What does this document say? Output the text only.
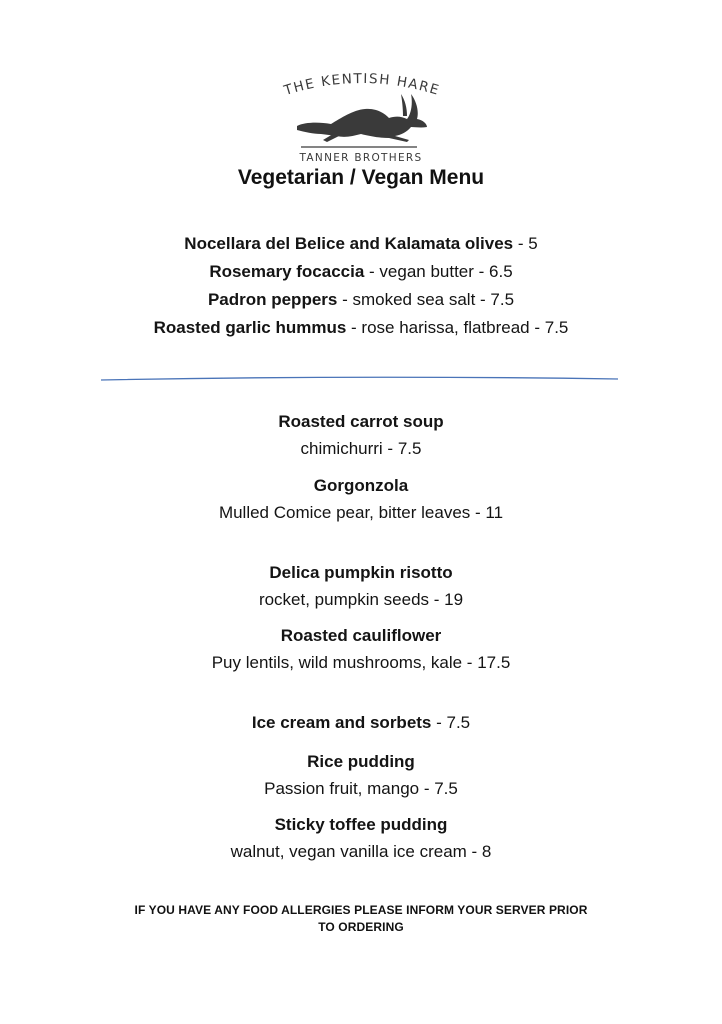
THE KENTISH HARE
TANNER BROTHERS
Vegetarian / Vegan Menu
Nocellara del Belice and Kalamata olives - 5
Rosemary focaccia - vegan butter - 6.5
Padron peppers - smoked sea salt - 7.5
Roasted garlic hummus - rose harissa, flatbread - 7.5
Roasted carrot soup
chimichurri - 7.5
Gorgonzola
Mulled Comice pear, bitter leaves - 11
Delica pumpkin risotto
rocket, pumpkin seeds - 19
Roasted cauliflower
Puy lentils, wild mushrooms, kale - 17.5
Ice cream and sorbets - 7.5
Rice pudding
Passion fruit, mango - 7.5
Sticky toffee pudding
walnut, vegan vanilla ice cream - 8
IF YOU HAVE ANY FOOD ALLERGIES PLEASE INFORM YOUR SERVER PRIOR
TO ORDERING
